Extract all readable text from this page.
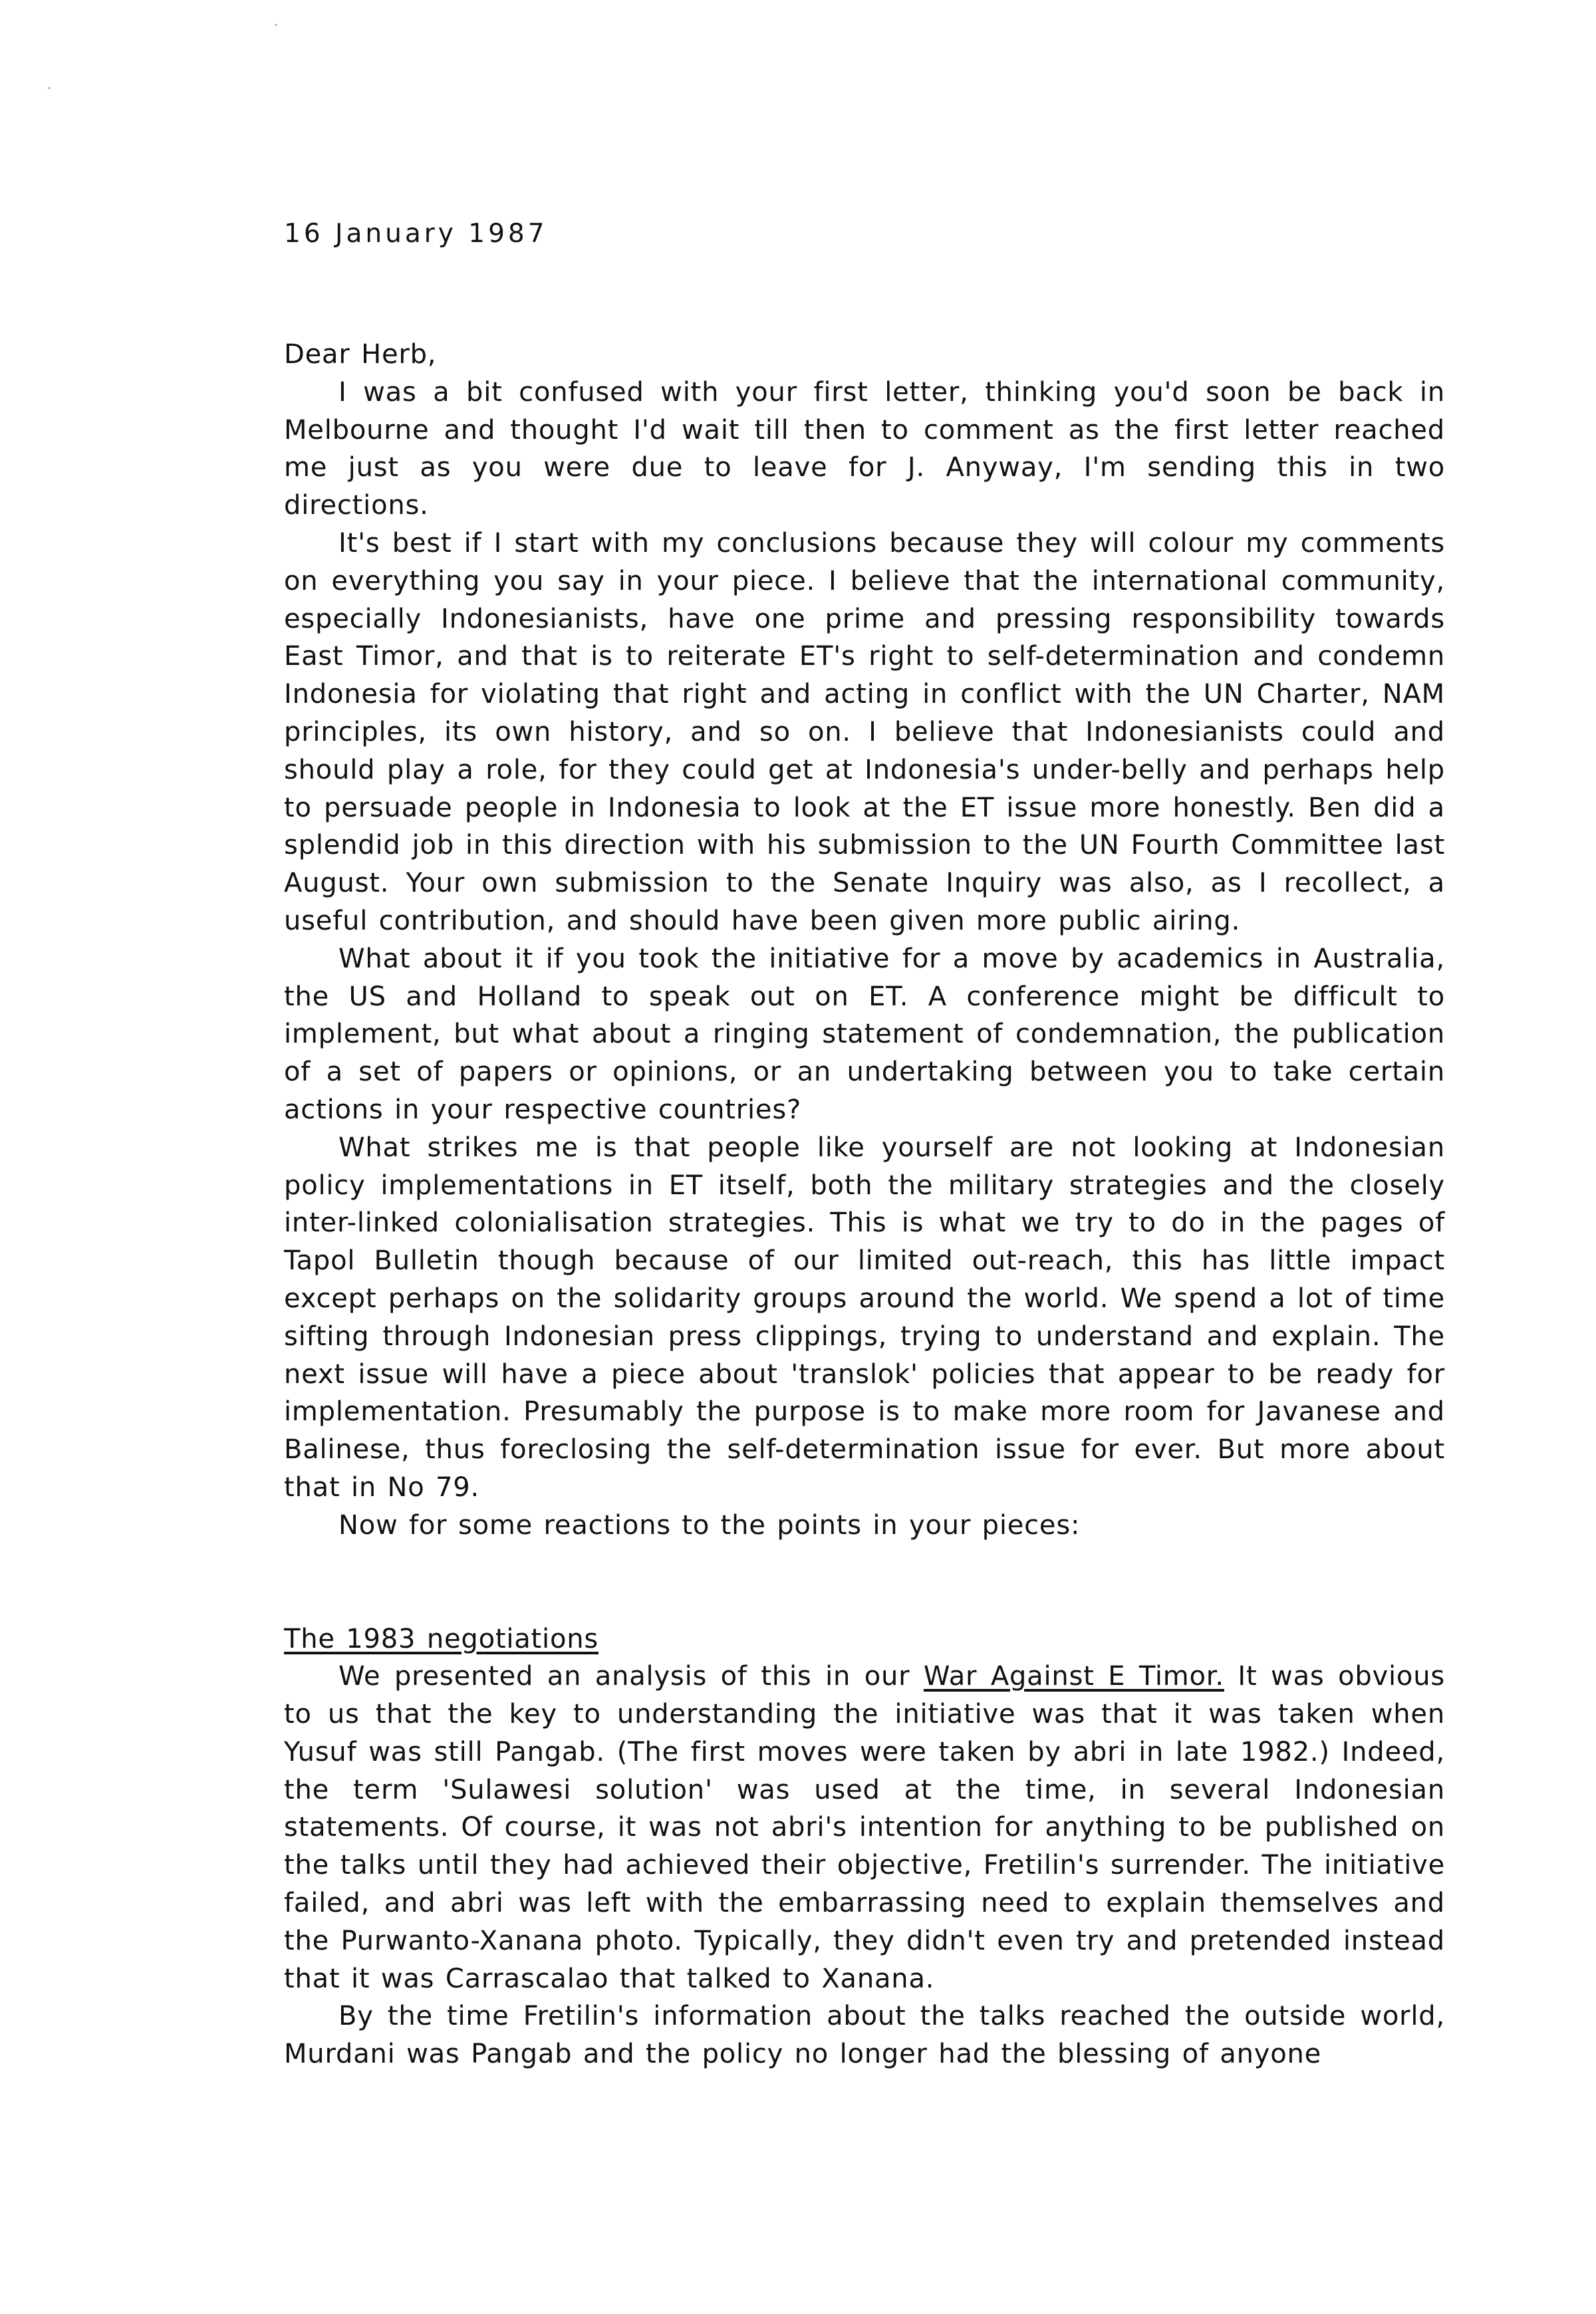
16 January 1987

Dear Herb,

I was a bit confused with your first letter, thinking you'd soon be back in Melbourne and thought I'd wait till then to comment as the first letter reached me just as you were due to leave for J. Anyway, I'm sending this in two directions.

It's best if I start with my conclusions because they will colour my comments on everything you say in your piece. I believe that the international community, especially Indonesianists, have one prime and pressing responsibility towards East Timor, and that is to reiterate ET's right to self-determination and condemn Indonesia for violating that right and acting in conflict with the UN Charter, NAM principles, its own history, and so on. I believe that Indonesianists could and should play a role, for they could get at Indonesia's under-belly and perhaps help to persuade people in Indonesia to look at the ET issue more honestly. Ben did a splendid job in this direction with his submission to the UN Fourth Committee last August. Your own submission to the Senate Inquiry was also, as I recollect, a useful contribution, and should have been given more public airing.

What about it if you took the initiative for a move by academics in Australia, the US and Holland to speak out on ET. A conference might be difficult to implement, but what about a ringing statement of condemnation, the publication of a set of papers or opinions, or an undertaking between you to take certain actions in your respective countries?

What strikes me is that people like yourself are not looking at Indonesian policy implementations in ET itself, both the military strategies and the closely inter-linked colonialisation strategies. This is what we try to do in the pages of Tapol Bulletin though because of our limited out-reach, this has little impact except perhaps on the solidarity groups around the world. We spend a lot of time sifting through Indonesian press clippings, trying to understand and explain. The next issue will have a piece about 'translok' policies that appear to be ready for implementation. Presumably the purpose is to make more room for Javanese and Balinese, thus foreclosing the self-determination issue for ever. But more about that in No 79.

Now for some reactions to the points in your pieces:

The 1983 negotiations

We presented an analysis of this in our War Against E Timor. It was obvious to us that the key to understanding the initiative was that it was taken when Yusuf was still Pangab. (The first moves were taken by abri in late 1982.) Indeed, the term 'Sulawesi solution' was used at the time, in several Indonesian statements. Of course, it was not abri's intention for anything to be published on the talks until they had achieved their objective, Fretilin's surrender. The initiative failed, and abri was left with the embarrassing need to explain themselves and the Purwanto-Xanana photo. Typically, they didn't even try and pretended instead that it was Carrascalao that talked to Xanana.

By the time Fretilin's information about the talks reached the outside world, Murdani was Pangab and the policy no longer had the blessing of anyone
